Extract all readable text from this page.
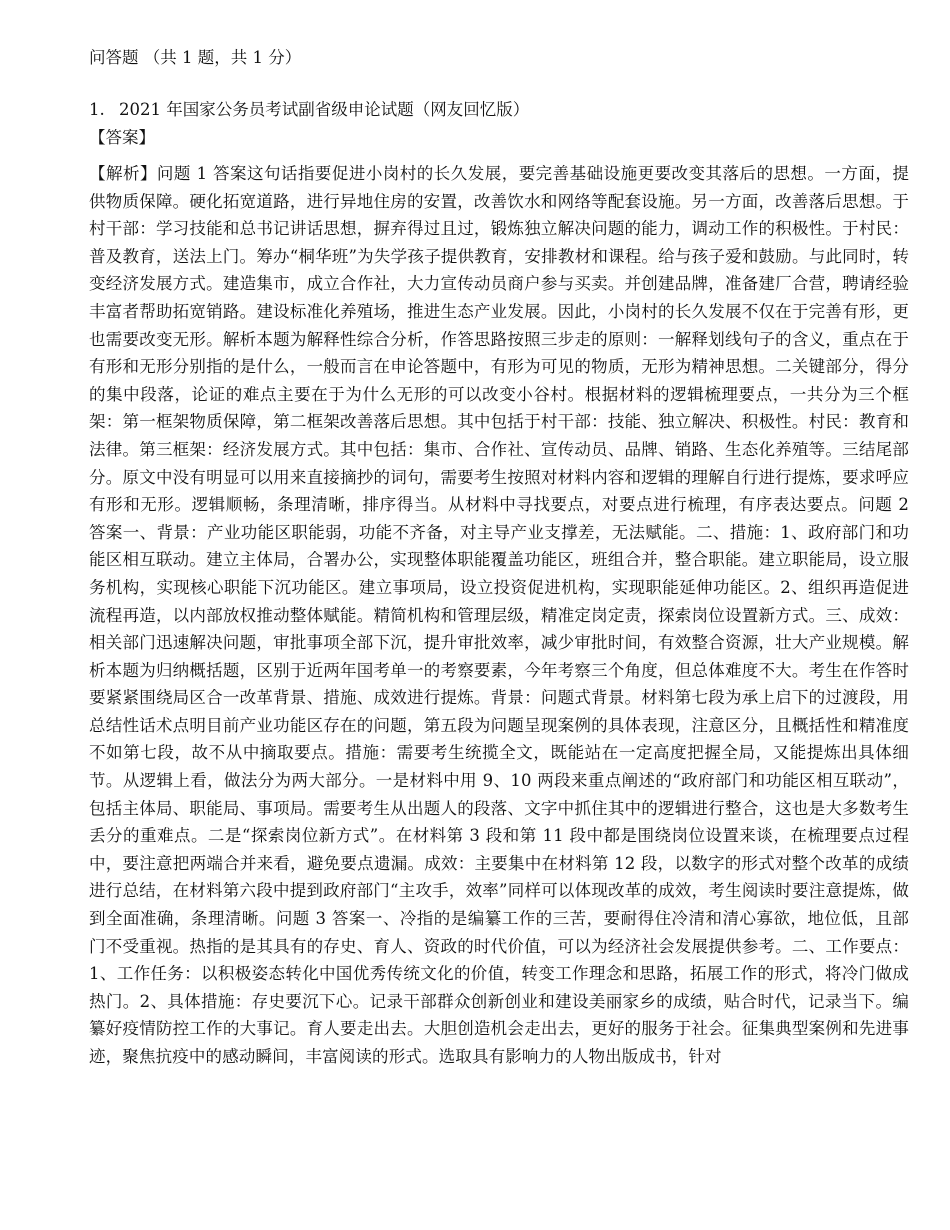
问答题 （共 1 题，共 1 分）
1. 2021 年国家公务员考试副省级申论试题（网友回忆版）
【答案】

【解析】问题 1 答案这句话指要促进小岗村的长久发展，要完善基础设施更要改变其落后的思想。一方面，提供物质保障。硬化拓宽道路，进行异地住房的安置，改善饮水和网络等配套设施。另一方面，改善落后思想。于村干部：学习技能和总书记讲话思想，摒弃得过且过，锻炼独立解决问题的能力，调动工作的积极性。于村民：普及教育，送法上门。筹办“桐华班”为失学孩子提供教育，安排教材和课程。给与孩子爱和鼓励。与此同时，转变经济发展方式。建造集市，成立合作社，大力宣传动员商户参与买卖。并创建品牌，准备建厂合营，聘请经验丰富者帮助拓宽销路。建设标准化养殖场，推进生态产业发展。因此，小岗村的长久发展不仅在于完善有形，更也需要改变无形。解析本题为解释性综合分析，作答思路按照三步走的原则：一解释划线句子的含义，重点在于有形和无形分别指的是什么，一般而言在申论答题中，有形为可见的物质，无形为精神思想。二关键部分，得分的集中段落，论证的难点主要在于为什么无形的可以改变小谷村。根据材料的逻辑梳理要点，一共分为三个框架：第一框架物质保障，第二框架改善落后思想。其中包括于村干部：技能、独立解决、积极性。村民：教育和法律。第三框架：经济发展方式。其中包括：集市、合作社、宣传动员、品牌、销路、生态化养殖等。三结尾部分。原文中没有明显可以用来直接摘抄的词句，需要考生按照对材料内容和逻辑的理解自行进行提炼，要求呼应有形和无形。逻辑顺畅，条理清晰，排序得当。从材料中寻找要点，对要点进行梳理，有序表达要点。问题 2 答案一、背景：产业功能区职能弱，功能不齐备，对主导产业支撑差，无法赋能。二、措施：1、政府部门和功能区相互联动。建立主体局，合署办公，实现整体职能覆盖功能区，班组合并，整合职能。建立职能局，设立服务机构，实现核心职能下沉功能区。建立事项局，设立投资促进机构，实现职能延伸功能区。2、组织再造促进流程再造，以内部放权推动整体赋能。精简机构和管理层级，精准定岗定责，探索岗位设置新方式。三、成效：相关部门迅速解决问题，审批事项全部下沉，提升审批效率，减少审批时间，有效整合资源，壮大产业规模。解析本题为归纳概括题，区别于近两年国考单一的考察要素，今年考察三个角度，但总体难度不大。考生在作答时要紧紧围绕局区合一改革背景、措施、成效进行提炼。背景：问题式背景。材料第七段为承上启下的过渡段，用总结性话术点明目前产业功能区存在的问题，第五段为问题呈现案例的具体表现，注意区分，且概括性和精准度不如第七段，故不从中摘取要点。措施：需要考生统揽全文，既能站在一定高度把握全局，又能提炼出具体细节。从逻辑上看，做法分为两大部分。一是材料中用 9、10 两段来重点阐述的“政府部门和功能区相互联动”，包括主体局、职能局、事项局。需要考生从出题人的段落、文字中抓住其中的逻辑进行整合，这也是大多数考生丢分的重难点。二是“探索岗位新方式”。在材料第 3 段和第 11 段中都是围绕岗位设置来谈，在梳理要点过程中，要注意把两端合并来看，避免要点遗漏。成效：主要集中在材料第 12 段，以数字的形式对整个改革的成绩进行总结，在材料第六段中提到政府部门“主攻手，效率”同样可以体现改革的成效，考生阅读时要注意提炼，做到全面准确，条理清晰。问题 3 答案一、冷指的是编纂工作的三苦，要耐得住冷清和清心寡欲，地位低，且部门不受重视。热指的是其具有的存史、育人、资政的时代价值，可以为经济社会发展提供参考。二、工作要点：1、工作任务：以积极姿态转化中国优秀传统文化的价值，转变工作理念和思路，拓展工作的形式，将冷门做成热门。2、具体措施：存史要沉下心。记录干部群众创新创业和建设美丽家乡的成绩，贴合时代，记录当下。编纂好疫情防控工作的大事记。育人要走出去。大胆创造机会走出去，更好的服务于社会。征集典型案例和先进事迹，聚焦抗疫中的感动瞬间，丰富阅读的形式。选取具有影响力的人物出版成书，针对
